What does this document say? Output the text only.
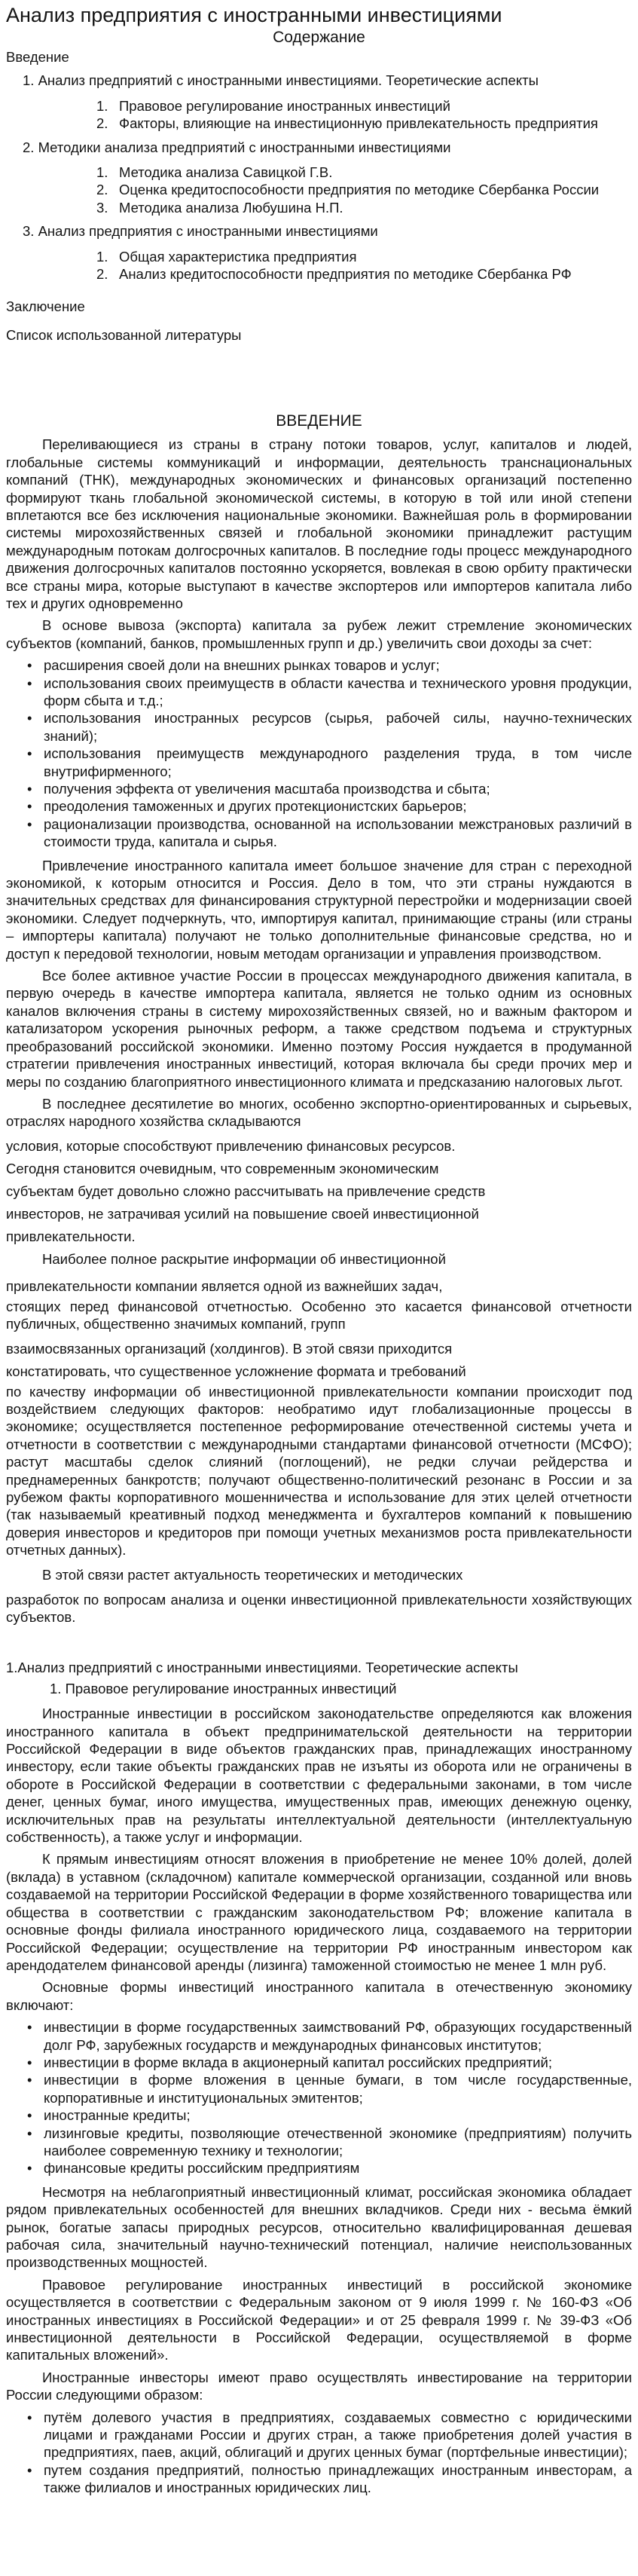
Анализ предприятия с иностранными инвестициями

Содержание

Введение

1. Анализ предприятий с иностранными инвестициями. Теоретические аспекты

1. Правовое регулирование иностранных инвестиций
2. Факторы, влияющие на инвестиционную привлекательность предприятия

2. Методики анализа предприятий с иностранными инвестициями

1. Методика анализа Савицкой Г.В.
2. Оценка кредитоспособности предприятия по методике Сбербанка России
3. Методика анализа Любушина Н.П.

3. Анализ предприятия с иностранными инвестициями

1. Общая характеристика предприятия
2. Анализ кредитоспособности предприятия по методике Сбербанка РФ

Заключение

Список использованной литературы

ВВЕДЕНИЕ

Переливающиеся из страны в страну потоки товаров, услуг, капиталов и людей, глобальные системы коммуникаций и информации, деятельность транснациональных компаний (ТНК), международных экономических и финансовых организаций постепенно формируют ткань глобальной экономической системы, в которую в той или иной степени вплетаются все без исключения национальные экономики. Важнейшая роль в формировании системы мирохозяйственных связей и глобальной экономики принадлежит растущим международным потокам долгосрочных капиталов. В последние годы процесс международного движения долгосрочных капиталов постоянно ускоряется, вовлекая в свою орбиту практически все страны мира, которые выступают в качестве экспортеров или импортеров капитала либо тех и других одновременно

В основе вывоза (экспорта) капитала за рубеж лежит стремление экономических субъектов (компаний, банков, промышленных групп и др.) увеличить свои доходы за счет:

• расширения своей доли на внешних рынках товаров и услуг;
• использования своих преимуществ в области качества и технического уровня продукции, форм сбыта и т.д.;
• использования иностранных ресурсов (сырья, рабочей силы, научно-технических знаний);
• использования преимуществ международного разделения труда, в том числе внутрифирменного;
• получения эффекта от увеличения масштаба производства и сбыта;
• преодоления таможенных и других протекционистских барьеров;
• рационализации производства, основанной на использовании межстрановых различий в стоимости труда, капитала и сырья.

Привлечение иностранного капитала имеет большое значение для стран с переходной экономикой, к которым относится и Россия. Дело в том, что эти страны нуждаются в значительных средствах для финансирования структурной перестройки и модернизации своей экономики. Следует подчеркнуть, что, импортируя капитал, принимающие страны (или страны – импортеры капитала) получают не только дополнительные финансовые средства, но и доступ к передовой технологии, новым методам организации и управления производством.

Все более активное участие России в процессах международного движения капитала, в первую очередь в качестве импортера капитала, является не только одним из основных каналов включения страны в систему мирохозяйственных связей, но и важным фактором и катализатором ускорения рыночных реформ, а также средством подъема и структурных преобразований российской экономики. Именно поэтому Россия нуждается в продуманной стратегии привлечения иностранных инвестиций, которая включала бы среди прочих мер и меры по созданию благоприятного инвестиционного климата и предсказанию налоговых льгот.

В последнее десятилетие во многих, особенно экспортно-ориентированных и сырьевых, отраслях народного хозяйства складываются

условия, которые способствуют привлечению финансовых ресурсов.

Сегодня становится очевидным, что современным экономическим

субъектам будет довольно сложно рассчитывать на привлечение средств

инвесторов, не затрачивая усилий на повышение своей инвестиционной

привлекательности.

Наиболее полное раскрытие информации об инвестиционной

привлекательности компании является одной из важнейших задач,

стоящих перед финансовой отчетностью. Особенно это касается финансовой отчетности публичных, общественно значимых компаний, групп

взаимосвязанных организаций (холдингов). В этой связи приходится

констатировать, что существенное усложнение формата и требований

по качеству информации об инвестиционной привлекательности компании происходит под воздействием следующих факторов: необратимо идут глобализационные процессы в экономике; осуществляется постепенное реформирование отечественной системы учета и отчетности в соответствии с международными стандартами финансовой отчетности (МСФО); растут масштабы сделок слияний (поглощений), не редки случаи рейдерства и преднамеренных банкротств; получают общественно-политический резонанс в России и за рубежом факты корпоративного мошенничества и использование для этих целей отчетности (так называемый креативный подход менеджмента и бухгалтеров компаний к повышению доверия инвесторов и кредиторов при помощи учетных механизмов роста привлекательности отчетных данных).

В этой связи растет актуальность теоретических и методических

разработок по вопросам анализа и оценки инвестиционной привлекательности хозяйствующих субъектов.

1.Анализ предприятий с иностранными инвестициями. Теоретические аспекты

1. Правовое регулирование иностранных инвестиций

Иностранные инвестиции в российском законодательстве определяются как вложения иностранного капитала в объект предпринимательской деятельности на территории Российской Федерации в виде объектов гражданских прав, принадлежащих иностранному инвестору, если такие объекты гражданских прав не изъяты из оборота или не ограничены в обороте в Российской Федерации в соответствии с федеральными законами, в том числе денег, ценных бумаг, иного имущества, имущественных прав, имеющих денежную оценку, исключительных прав на результаты интеллектуальной деятельности (интеллектуальную собственность), а также услуг и информации.

К прямым инвестициям относят вложения в приобретение не менее 10% долей, долей (вклада) в уставном (складочном) капитале коммерческой организации, созданной или вновь создаваемой на территории Российской Федерации в форме хозяйственного товарищества или общества в соответствии с гражданским законодательством РФ; вложение капитала в основные фонды филиала иностранного юридического лица, создаваемого на территории Российской Федерации; осуществление на территории РФ иностранным инвестором как арендодателем финансовой аренды (лизинга) таможенной стоимостью не менее 1 млн руб.

Основные формы инвестиций иностранного капитала в отечественную экономику включают:

• инвестиции в форме государственных заимствований РФ, образующих государственный долг РФ, зарубежных государств и международных финансовых институтов;
• инвестиции в форме вклада в акционерный капитал российских предприятий;
• инвестиции в форме вложения в ценные бумаги, в том числе государственные, корпоративные и институциональных эмитентов;
• иностранные кредиты;
• лизинговые кредиты, позволяющие отечественной экономике (предприятиям) получить наиболее современную технику и технологии;
• финансовые кредиты российским предприятиям

Несмотря на неблагоприятный инвестиционный климат, российская экономика обладает рядом привлекательных особенностей для внешних вкладчиков. Среди них - весьма ёмкий рынок, богатые запасы природных ресурсов, относительно квалифицированная дешевая рабочая сила, значительный научно-технический потенциал, наличие неиспользованных производственных мощностей.

Правовое регулирование иностранных инвестиций в российской экономике осуществляется в соответствии с Федеральным законом от 9 июля 1999 г. № 160-ФЗ «Об иностранных инвестициях в Российской Федерации» и от 25 февраля 1999 г. № 39-ФЗ «Об инвестиционной деятельности в Российской Федерации, осуществляемой в форме капитальных вложений».

Иностранные инвесторы имеют право осуществлять инвестирование на территории России следующими образом:

• путём долевого участия в предприятиях, создаваемых совместно с юридическими лицами и гражданами России и других стран, а также приобретения долей участия в предприятиях, паев, акций, облигаций и других ценных бумаг (портфельные инвестиции);
• путем создания предприятий, полностью принадлежащих иностранным инвесторам, а также филиалов и иностранных юридических лиц.
